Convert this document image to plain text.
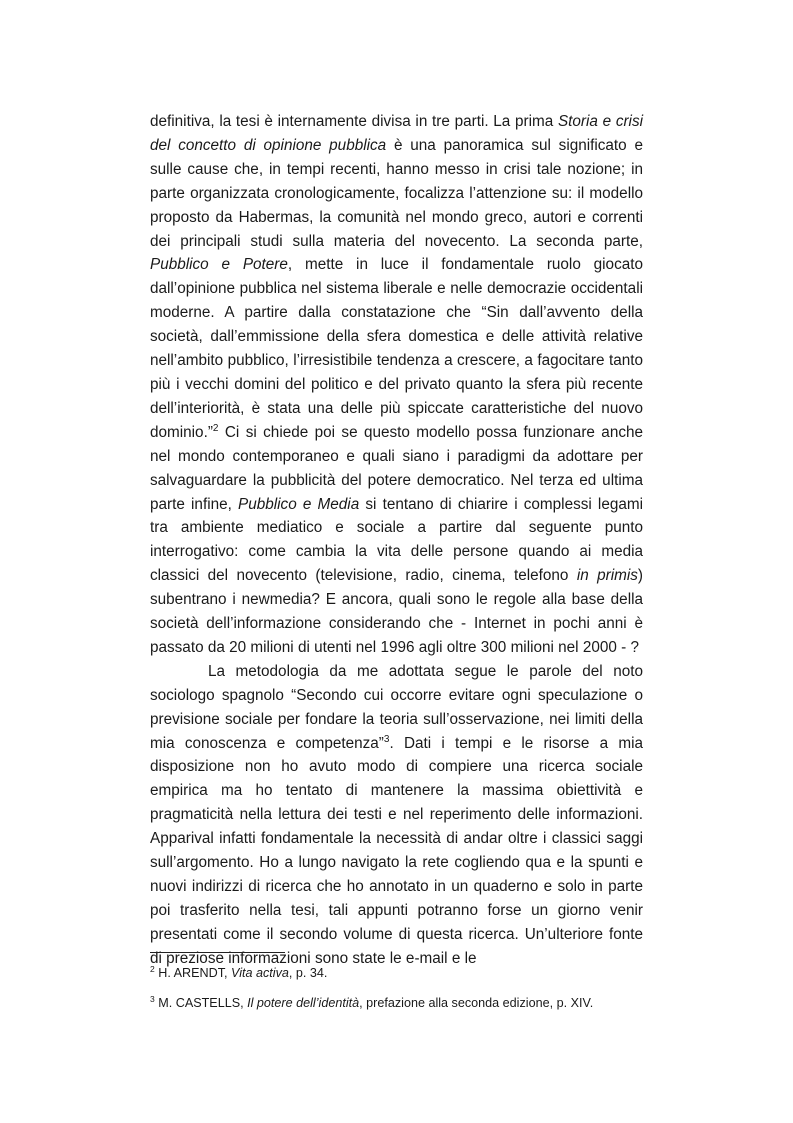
definitiva, la tesi è internamente divisa in tre parti. La prima Storia e crisi del concetto di opinione pubblica è una panoramica sul significato e sulle cause che, in tempi recenti, hanno messo in crisi tale nozione; in parte organizzata cronologicamente, focalizza l’attenzione su: il modello proposto da Habermas, la comunità nel mondo greco, autori e correnti dei principali studi sulla materia del novecento. La seconda parte, Pubblico e Potere, mette in luce il fondamentale ruolo giocato dall’opinione pubblica nel sistema liberale e nelle democrazie occidentali moderne. A partire dalla constatazione che “Sin dall’avvento della società, dall’emmissione della sfera domestica e delle attività relative nell’ambito pubblico, l’irresistibile tendenza a crescere, a fagocitare tanto più i vecchi domini del politico e del privato quanto la sfera più recente dell’interiorità, è stata una delle più spiccate caratteristiche del nuovo dominio.”$^2$ Ci si chiede poi se questo modello possa funzionare anche nel mondo contemporaneo e quali siano i paradigmi da adottare per salvaguardare la pubblicità del potere democratico. Nel terza ed ultima parte infine, Pubblico e Media si tentano di chiarire i complessi legami tra ambiente mediatico e sociale a partire dal seguente punto interrogativo: come cambia la vita delle persone quando ai media classici del novecento (televisione, radio, cinema, telefono in primis) subentrano i newmedia? E ancora, quali sono le regole alla base della società dell’informazione considerando che - Internet in pochi anni è passato da 20 milioni di utenti nel 1996 agli oltre 300 milioni nel 2000 - ?

La metodologia da me adottata segue le parole del noto sociologo spagnolo “Secondo cui occorre evitare ogni speculazione o previsione sociale per fondare la teoria sull’osservazione, nei limiti della mia conoscenza e competenza”$^3$. Dati i tempi e le risorse a mia disposizione non ho avuto modo di compiere una ricerca sociale empirica ma ho tentato di mantenere la massima obiettività e pragmaticità nella lettura dei testi e nel reperimento delle informazioni. Apparival infatti fondamentale la necessità di andar oltre i classici saggi sull’argomento. Ho a lungo navigato la rete cogliendo qua e la spunti e nuovi indirizzi di ricerca che ho annotato in un quaderno e solo in parte poi trasferito nella tesi, tali appunti potranno forse un giorno venir presentati come il secondo volume di questa ricerca. Un’ulteriore fonte di preziose informazioni sono state le e-mail e le

$^2$ H. ARENDT, Vita activa, p. 34.
$^3$ M. CASTELLS, Il potere dell’identità, prefazione alla seconda edizione, p. XIV.
